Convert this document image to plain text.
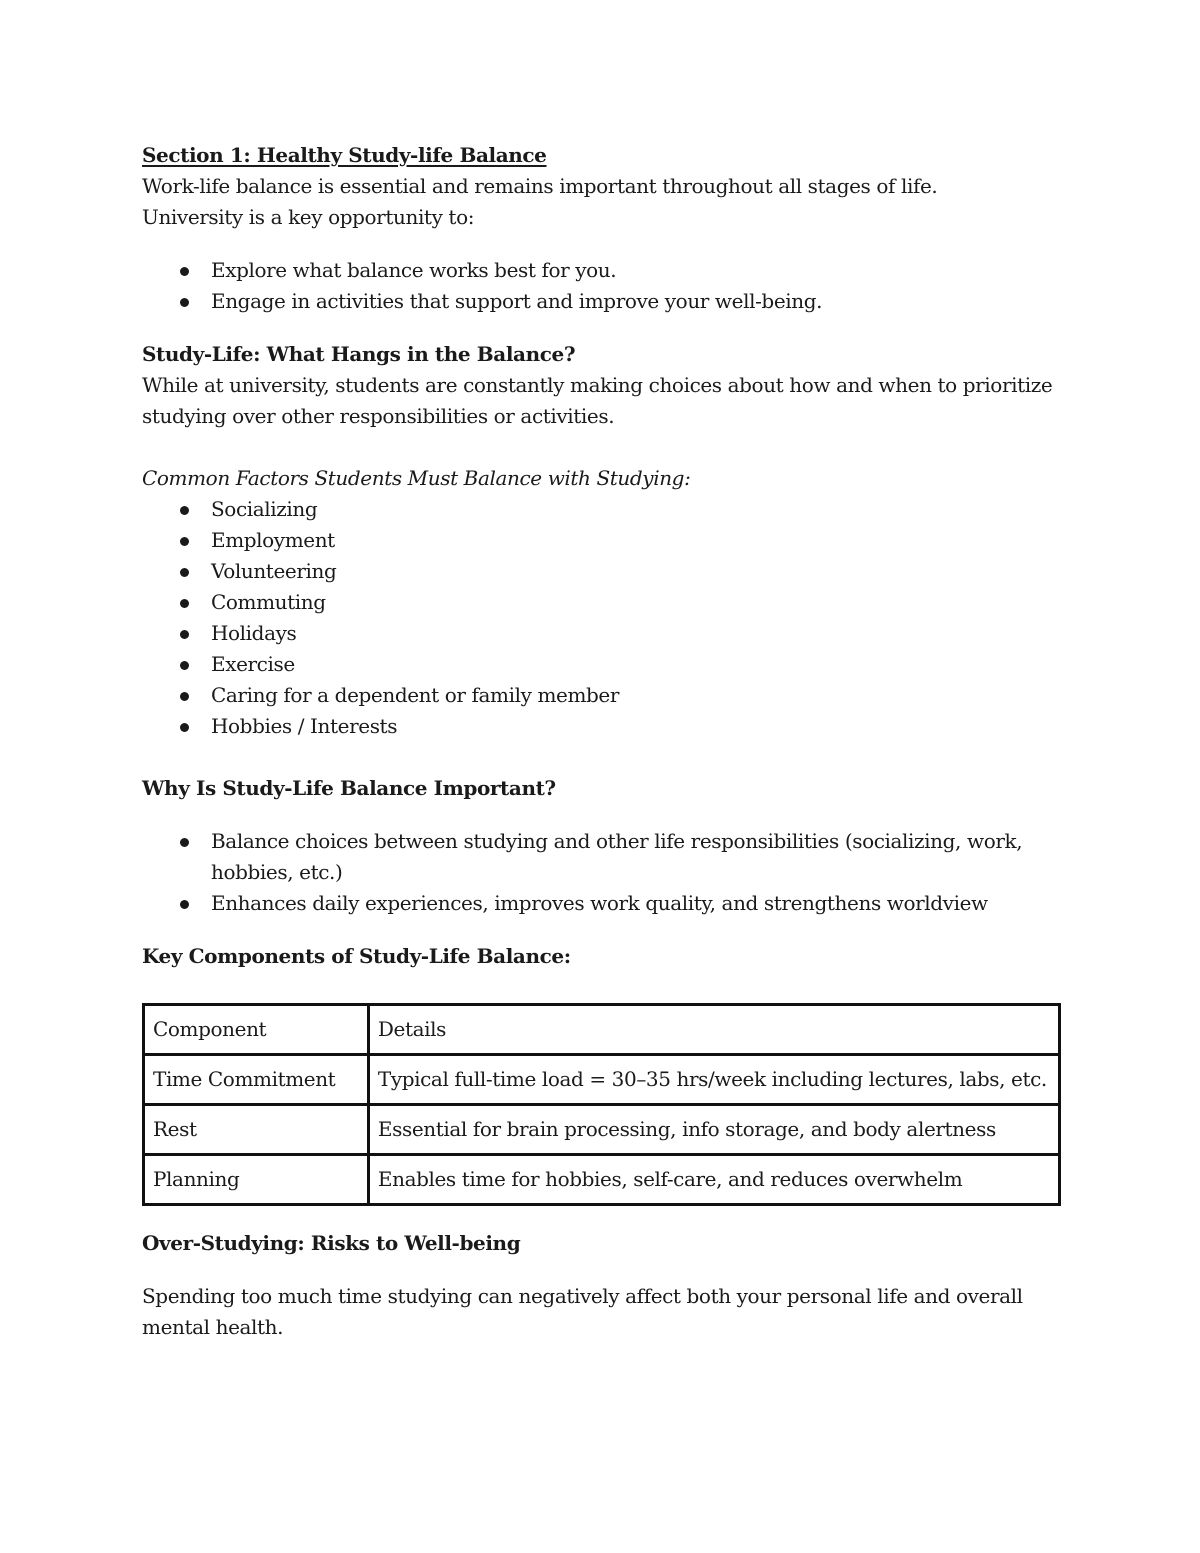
Section 1: Healthy Study-life Balance

Work-life balance is essential and remains important throughout all stages of life.

University is a key opportunity to:

Explore what balance works best for you.
Engage in activities that support and improve your well-being.

Study-Life: What Hangs in the Balance?

While at university, students are constantly making choices about how and when to prioritize

studying over other responsibilities or activities.

Common Factors Students Must Balance with Studying:

Socializing
Employment
Volunteering
Commuting
Holidays
Exercise
Caring for a dependent or family member
Hobbies / Interests

Why Is Study-Life Balance Important?

Balance choices between studying and other life responsibilities (socializing, work,
hobbies, etc.)
Enhances daily experiences, improves work quality, and strengthens worldview

Key Components of Study-Life Balance:

Component	Details
Time Commitment	Typical full-time load = 30–35 hrs/week including lectures, labs, etc.
Rest	Essential for brain processing, info storage, and body alertness
Planning	Enables time for hobbies, self-care, and reduces overwhelm

Over-Studying: Risks to Well-being

Spending too much time studying can negatively affect both your personal life and overall

mental health.
